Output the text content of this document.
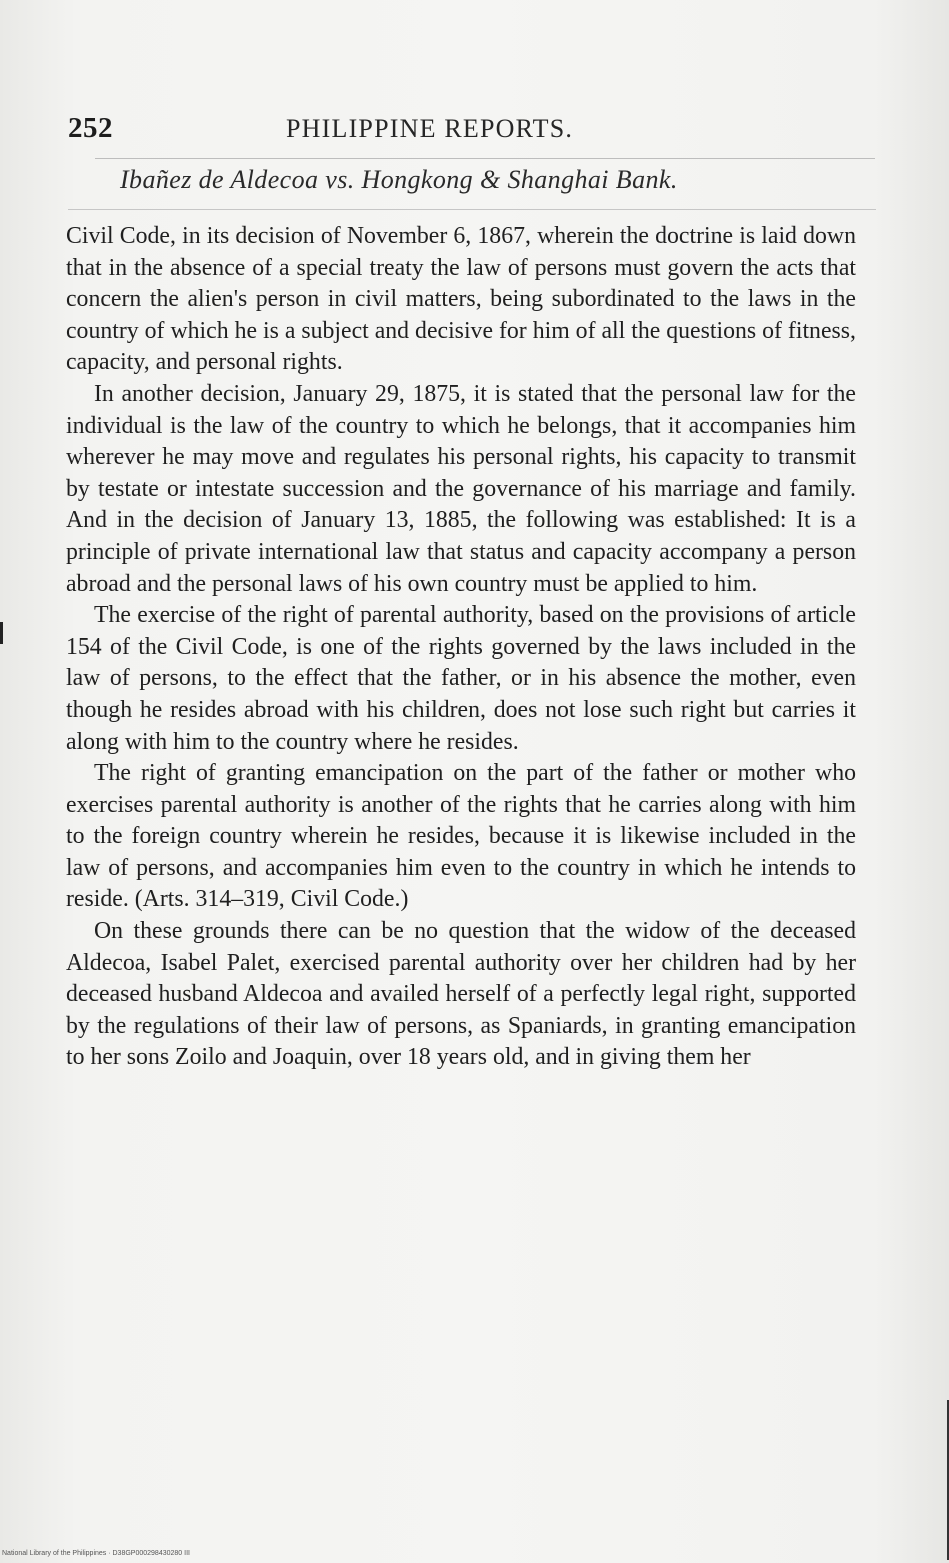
252	PHILIPPINE REPORTS.
Ibañez de Aldecoa vs. Hongkong & Shanghai Bank.

Civil Code, in its decision of November 6, 1867, wherein the doctrine is laid down that in the absence of a special treaty the law of persons must govern the acts that concern the alien's person in civil matters, being subordinated to the laws in the country of which he is a subject and decisive for him of all the questions of fitness, capacity, and personal rights.

In another decision, January 29, 1875, it is stated that the personal law for the individual is the law of the country to which he belongs, that it accompanies him wherever he may move and regulates his personal rights, his capacity to transmit by testate or intestate succession and the governance of his marriage and family. And in the decision of January 13, 1885, the following was established: It is a principle of private international law that status and capacity accompany a person abroad and the personal laws of his own country must be applied to him.

The exercise of the right of parental authority, based on the provisions of article 154 of the Civil Code, is one of the rights governed by the laws included in the law of persons, to the effect that the father, or in his absence the mother, even though he resides abroad with his children, does not lose such right but carries it along with him to the country where he resides.

The right of granting emancipation on the part of the father or mother who exercises parental authority is another of the rights that he carries along with him to the foreign country wherein he resides, because it is likewise included in the law of persons, and accompanies him even to the country in which he intends to reside. (Arts. 314–319, Civil Code.)

On these grounds there can be no question that the widow of the deceased Aldecoa, Isabel Palet, exercised parental authority over her children had by her deceased husband Aldecoa and availed herself of a perfectly legal right, supported by the regulations of their law of persons, as Spaniards, in granting emancipation to her sons Zoilo and Joaquin, over 18 years old, and in giving them her

National Library of the Philippines · D38GP000298430280 III
